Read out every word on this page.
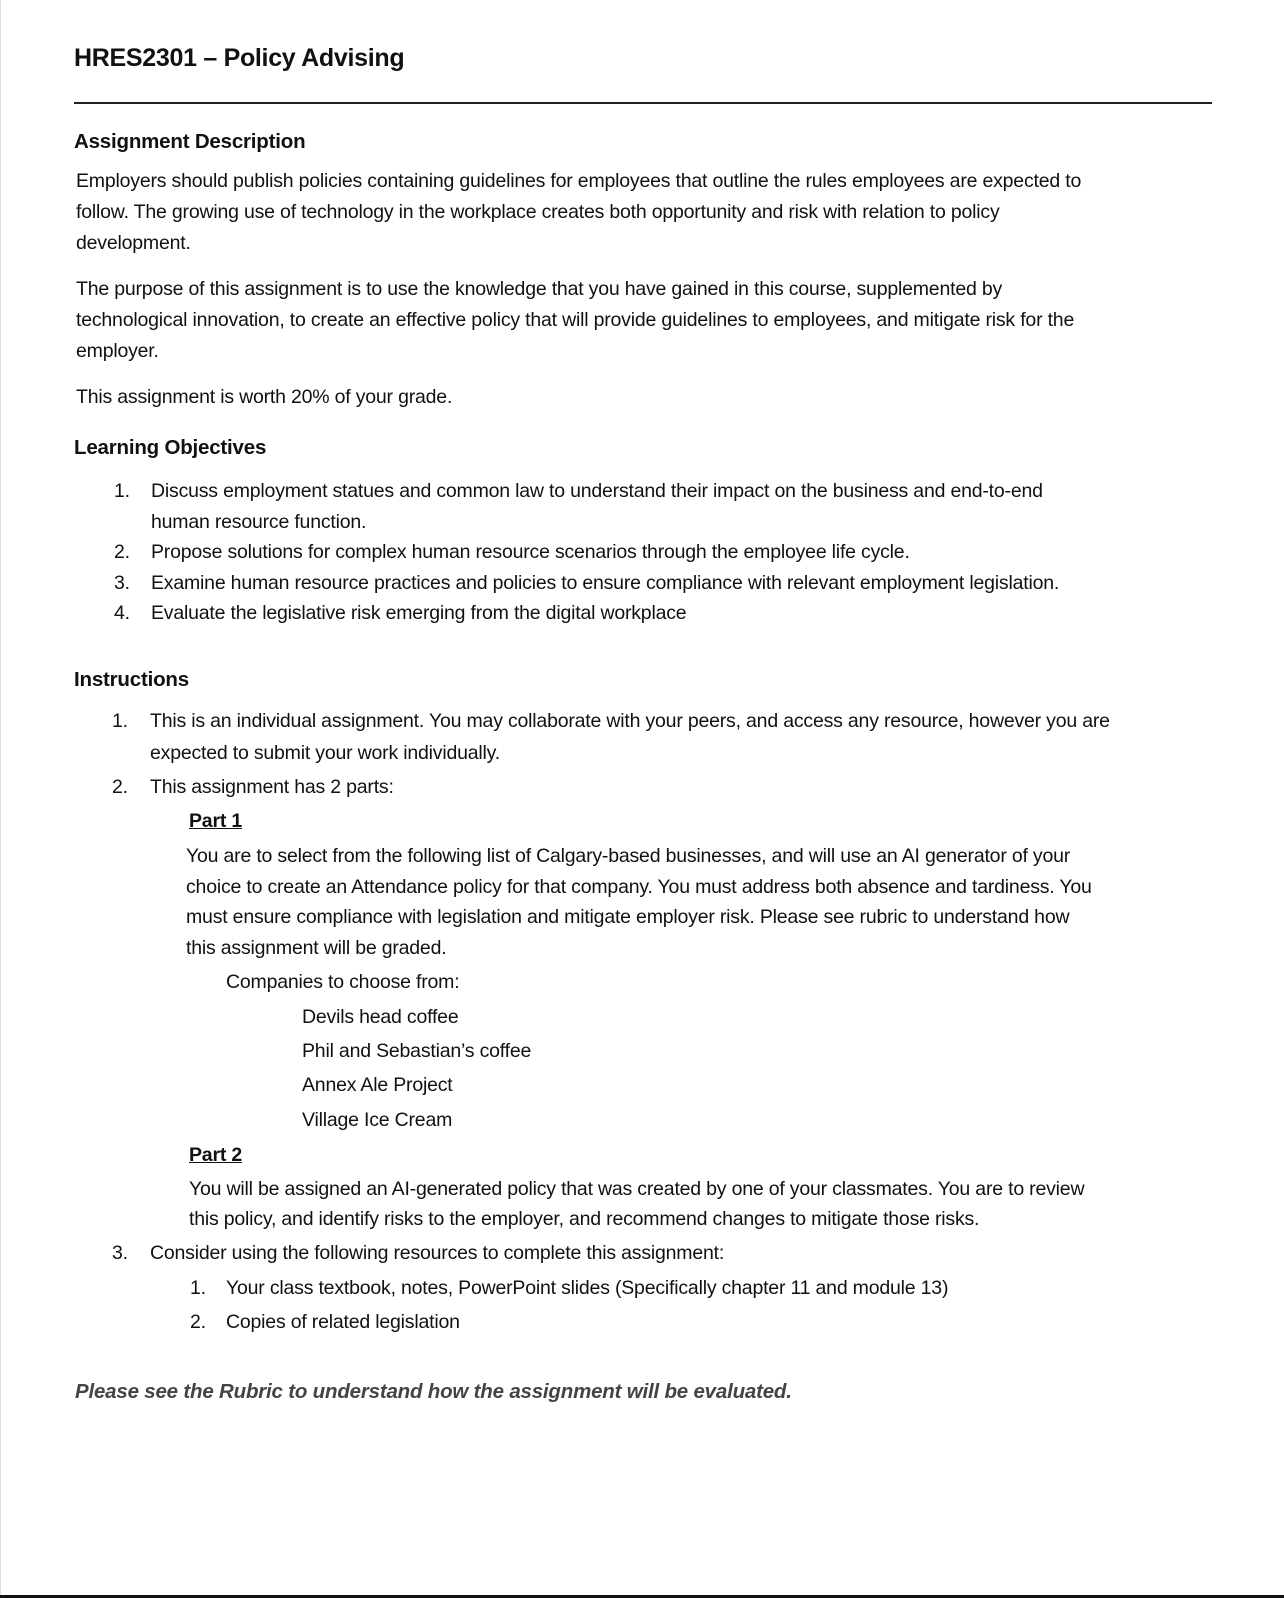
HRES2301 – Policy Advising
Assignment Description
Employers should publish policies containing guidelines for employees that outline the rules employees are expected to
follow. The growing use of technology in the workplace creates both opportunity and risk with relation to policy
development.
The purpose of this assignment is to use the knowledge that you have gained in this course, supplemented by
technological innovation, to create an effective policy that will provide guidelines to employees, and mitigate risk for the
employer.
This assignment is worth 20% of your grade.
Learning Objectives
1. Discuss employment statues and common law to understand their impact on the business and end-to-end
human resource function.
2. Propose solutions for complex human resource scenarios through the employee life cycle.
3. Examine human resource practices and policies to ensure compliance with relevant employment legislation.
4. Evaluate the legislative risk emerging from the digital workplace
Instructions
1. This is an individual assignment. You may collaborate with your peers, and access any resource, however you are
expected to submit your work individually.
2. This assignment has 2 parts:
Part 1
You are to select from the following list of Calgary-based businesses, and will use an AI generator of your
choice to create an Attendance policy for that company. You must address both absence and tardiness. You
must ensure compliance with legislation and mitigate employer risk. Please see rubric to understand how
this assignment will be graded.
Companies to choose from:
Devils head coffee
Phil and Sebastian’s coffee
Annex Ale Project
Village Ice Cream
Part 2
You will be assigned an AI-generated policy that was created by one of your classmates. You are to review
this policy, and identify risks to the employer, and recommend changes to mitigate those risks.
3. Consider using the following resources to complete this assignment:
1. Your class textbook, notes, PowerPoint slides (Specifically chapter 11 and module 13)
2. Copies of related legislation
Please see the Rubric to understand how the assignment will be evaluated.
